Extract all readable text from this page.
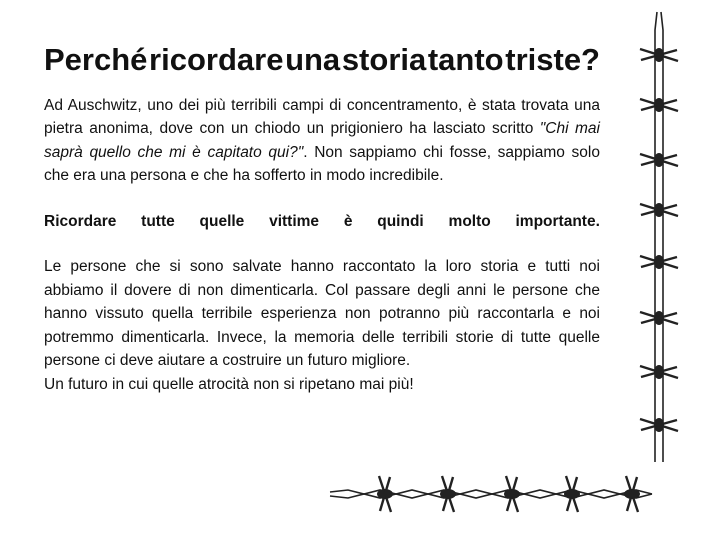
Perché ricordare una storia tanto triste?

Ad Auschwitz, uno dei più terribili campi di concentramento, è stata trovata una pietra anonima, dove con un chiodo un prigioniero ha lasciato scritto "Chi mai saprà quello che mi è capitato qui?". Non sappiamo chi fosse, sappiamo solo che era una persona e che ha sofferto in modo incredibile.

Ricordare tutte quelle vittime è quindi molto importante.

Le persone che si sono salvate hanno raccontato la loro storia e tutti noi abbiamo il dovere di non dimenticarla. Col passare degli anni le persone che hanno vissuto quella terribile esperienza non potranno più raccontarla e noi potremmo dimenticarla. Invece, la memoria delle terribili storie di tutte quelle persone ci deve aiutare a costruire un futuro migliore.

Un futuro in cui quelle atrocità non si ripetano mai più!
